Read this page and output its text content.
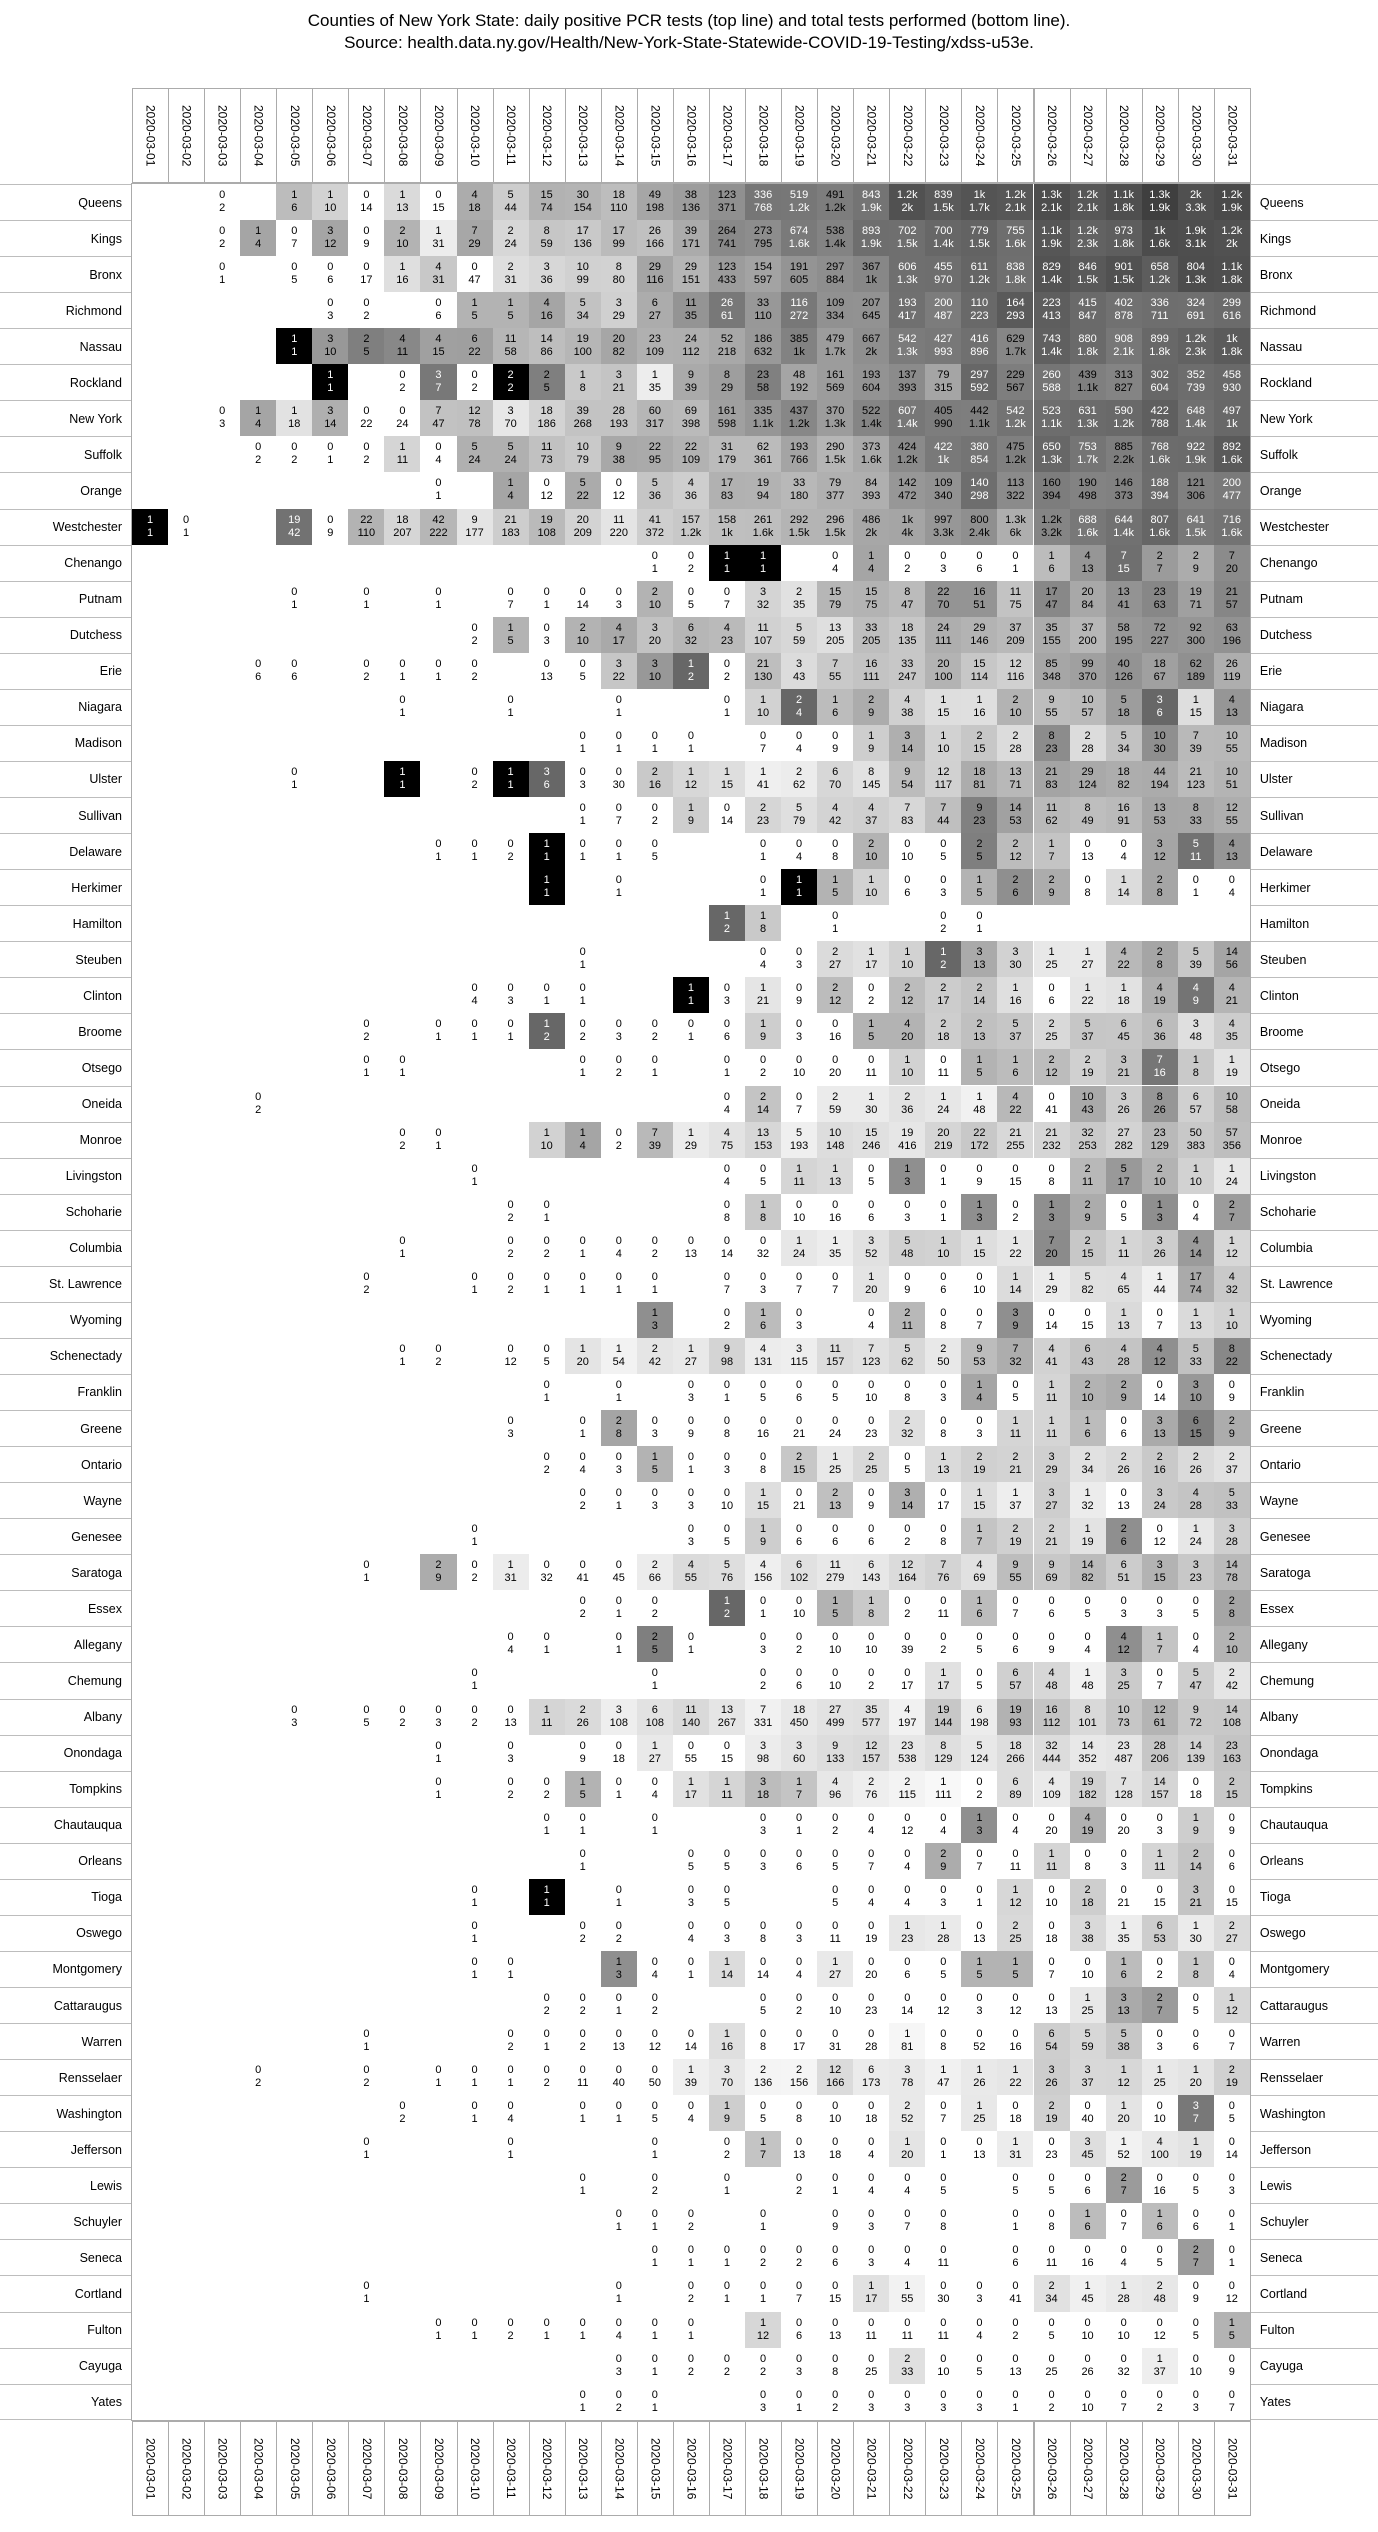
Counties of New York State: daily positive PCR tests (top line) and total tests performed (bottom line).
Source: health.data.ny.gov/Health/New-York-State-Statewide-COVID-19-Testing/xdss-u53e.
2020-03-01 2020-03-02 2020-03-03 2020-03-04 2020-03-05 2020-03-06 2020-03-07 2020-03-08 2020-03-09 2020-03-10 2020-03-11 2020-03-12 2020-03-13 2020-03-14 2020-03-15 2020-03-16 2020-03-17 2020-03-18 2020-03-19 2020-03-20 2020-03-21 2020-03-22 2020-03-23 2020-03-24 2020-03-25 2020-03-26 2020-03-27 2020-03-28 2020-03-29 2020-03-30 2020-03-31
Queens
Kings
Bronx
Richmond
Nassau
Rockland
New York
Suffolk
Orange
Westchester
Chenango
Putnam
Dutchess
Erie
Niagara
Madison
Ulster
Sullivan
Delaware
Herkimer
Hamilton
Steuben
Clinton
Broome
Otsego
Oneida
Monroe
Livingston
Schoharie
Columbia
St. Lawrence
Wyoming
Schenectady
Franklin
Greene
Ontario
Wayne
Genesee
Saratoga
Essex
Allegany
Chemung
Albany
Onondaga
Tompkins
Chautauqua
Orleans
Tioga
Oswego
Montgomery
Cattaraugus
Warren
Rensselaer
Washington
Jefferson
Lewis
Schuyler
Seneca
Cortland
Fulton
Cayuga
Yates
0
2
1
6
1
10
0
14
1
13
0
15
4
18
5
44
15
74
30
154
18
110
49
198
38
136
123
371
336
768
519
1.2k
491
1.2k
843
1.9k
1.2k
2k
839
1.5k
1k
1.7k
1.2k
2.1k
1.3k
2.1k
1.2k
2.1k
1.1k
1.8k
1.3k
1.9k
2k
3.3k
1.2k
1.9k
0
2
1
4
0
7
3
12
0
9
2
10
1
31
7
29
2
24
8
59
17
136
17
99
26
166
39
171
264
741
273
795
674
1.6k
538
1.4k
893
1.9k
702
1.5k
700
1.4k
779
1.5k
755
1.6k
1.1k
1.9k
1.2k
2.3k
973
1.8k
1k
1.6k
1.9k
3.1k
1.2k
2k
0
1
0
5
0
6
0
17
1
16
4
31
0
47
2
31
3
36
10
99
8
80
29
116
29
151
123
433
154
597
191
605
297
884
367
1k
606
1.3k
455
970
611
1.2k
838
1.8k
829
1.4k
846
1.5k
901
1.5k
658
1.2k
804
1.3k
1.1k
1.8k
0
3
0
2
0
6
1
5
1
5
4
16
5
34
3
29
6
27
11
35
26
61
33
110
116
272
109
334
207
645
193
417
200
487
110
223
164
293
223
413
415
847
402
878
336
711
324
691
299
616
1
1
3
10
2
5
4
11
4
15
6
22
11
58
14
86
19
100
20
82
23
109
24
112
52
218
186
632
385
1k
479
1.7k
667
2k
542
1.3k
427
993
416
896
629
1.7k
743
1.4k
880
1.8k
908
2.1k
899
1.8k
1.2k
2.3k
1k
1.8k
1
1
0
2
3
7
0
2
2
2
2
5
1
8
3
21
1
35
9
39
8
29
23
58
48
192
161
569
193
604
137
393
79
315
297
592
229
567
260
588
439
1.1k
313
827
302
604
352
739
458
930
0
3
1
4
1
18
3
14
0
22
0
24
7
47
12
78
3
70
18
186
39
268
28
193
60
317
69
398
161
598
335
1.1k
437
1.2k
370
1.3k
522
1.4k
607
1.4k
405
990
442
1.1k
542
1.2k
523
1.1k
631
1.3k
590
1.2k
422
788
648
1.4k
497
1k
0
2
0
2
0
1
0
2
1
11
0
4
5
24
5
24
11
73
10
79
9
38
22
95
22
109
31
179
62
361
193
766
290
1.5k
373
1.6k
424
1.2k
422
1k
380
854
475
1.2k
650
1.3k
753
1.7k
885
2.2k
768
1.6k
922
1.9k
892
1.6k
0
1
1
4
0
12
5
22
0
12
5
36
4
36
17
83
19
94
33
180
79
377
84
393
142
472
109
340
140
298
113
322
160
394
190
498
146
373
188
394
121
306
200
477
1
1
0
1
19
42
0
9
22
110
18
207
42
222
9
177
21
183
19
108
20
209
11
220
41
372
157
1.2k
158
1k
261
1.6k
292
1.5k
296
1.5k
486
2k
1k
4k
997
3.3k
800
2.4k
1.3k
6k
1.2k
3.2k
688
1.6k
644
1.4k
807
1.6k
641
1.5k
716
1.6k
0
1
0
2
1
1
1
1
0
4
1
4
0
2
0
3
0
6
0
1
1
6
4
13
7
15
2
7
2
9
7
20
0
1
0
1
0
1
0
7
0
1
0
14
0
3
2
10
0
5
0
7
3
32
2
35
15
79
15
75
8
47
22
70
16
51
11
75
17
47
20
84
13
41
23
63
19
71
21
57
0
2
1
5
0
3
2
10
4
17
3
20
6
32
4
23
11
107
5
59
13
205
33
205
18
135
24
111
29
146
37
209
35
155
37
200
58
195
72
227
92
300
63
196
0
6
0
6
0
2
0
1
0
1
0
2
0
13
0
5
3
22
3
10
1
2
0
2
21
130
3
43
7
55
16
111
33
247
20
100
15
114
12
116
85
348
99
370
40
126
18
67
62
189
26
119
0
1
0
1
0
1
0
1
1
10
2
4
1
6
2
9
4
38
1
15
1
16
2
10
9
55
10
57
5
18
3
6
1
15
4
13
0
1
0
1
0
1
0
1
0
7
0
4
0
9
1
9
3
14
1
10
2
15
2
28
8
23
2
28
5
34
10
30
7
39
10
55
0
1
1
1
0
2
1
1
3
6
0
3
0
30
2
16
1
12
1
15
1
41
2
62
6
70
8
145
9
54
12
117
18
81
13
71
21
83
29
124
18
82
44
194
21
123
10
51
0
1
0
7
0
2
1
9
0
14
2
23
5
79
4
42
4
37
7
83
7
44
9
23
14
53
11
62
8
49
16
91
13
53
8
33
12
55
0
1
0
1
0
2
1
1
0
1
0
1
0
5
0
1
0
4
0
8
2
10
0
10
0
5
2
5
2
12
1
7
0
13
0
4
3
12
5
11
4
13
1
1
0
1
0
1
1
1
1
5
1
10
0
6
0
3
1
5
2
6
2
9
0
8
1
14
2
8
0
1
0
4
1
2
1
8
0
1
0
2
0
1
0
1
0
4
0
3
2
27
1
17
1
10
1
2
3
13
3
30
1
25
1
27
4
22
2
8
5
39
14
56
0
4
0
3
0
1
0
1
1
1
0
3
1
21
0
9
2
12
0
2
2
12
2
17
2
14
1
16
0
6
1
22
1
18
4
19
4
9
4
21
0
2
0
1
0
1
0
1
1
2
0
2
0
3
0
2
0
1
0
6
1
9
0
3
0
16
1
5
4
20
2
18
2
13
5
37
2
25
5
37
6
45
6
36
3
48
4
35
0
1
0
1
0
1
0
2
0
1
0
1
0
2
0
10
0
20
0
11
1
10
0
11
1
5
1
6
2
12
2
19
3
21
7
16
1
8
1
19
0
2
0
4
2
14
0
7
2
59
1
30
2
36
1
24
1
48
4
22
0
41
10
43
3
26
8
26
6
57
10
58
0
2
0
1
1
10
1
4
0
2
7
39
1
29
4
75
13
153
5
193
10
148
15
246
19
416
20
219
22
172
21
255
21
232
32
253
27
282
23
129
50
383
57
356
0
1
0
4
0
5
1
11
1
13
0
5
1
3
0
1
0
9
0
15
0
8
2
11
5
17
2
10
1
10
1
24
0
2
0
1
0
8
1
8
0
10
0
16
0
6
0
3
0
1
1
3
0
2
1
3
2
9
0
5
1
3
0
4
2
7
0
1
0
2
0
2
0
1
0
4
0
2
0
13
0
14
0
32
1
24
1
35
3
52
5
48
1
10
1
15
1
22
7
20
2
15
1
11
3
26
4
14
1
12
0
2
0
1
0
2
0
1
0
1
0
1
0
1
0
7
0
3
0
7
0
7
1
20
0
9
0
6
0
10
1
14
1
29
5
82
4
65
1
44
17
74
4
32
1
3
0
2
1
6
0
3
0
4
2
11
0
8
0
7
3
9
0
14
0
15
1
13
0
7
1
13
1
10
0
1
0
2
0
12
0
5
1
20
1
54
2
42
1
27
9
98
4
131
3
115
11
157
7
123
5
62
2
50
9
53
7
32
4
41
6
43
4
28
4
12
5
33
8
22
0
1
0
1
0
3
0
1
0
5
0
6
0
5
0
10
0
8
0
3
1
4
0
5
1
11
2
10
2
9
0
14
3
10
0
9
0
3
0
1
2
8
0
3
0
9
0
8
0
16
0
21
0
24
0
23
2
32
0
8
0
3
1
11
1
11
1
6
0
6
3
13
6
15
2
9
0
2
0
4
0
3
1
5
0
1
0
3
0
8
2
15
1
25
2
25
0
5
1
13
2
19
2
21
3
29
2
34
2
26
2
16
2
26
2
37
0
2
0
1
0
3
0
3
0
10
1
15
0
21
2
13
0
9
3
14
0
17
1
15
1
37
3
27
1
32
0
13
3
24
4
28
5
33
0
1
0
3
0
5
1
9
0
6
0
6
0
6
0
2
0
8
1
7
2
19
2
21
1
19
2
6
0
12
1
24
3
28
0
1
2
9
0
2
1
31
0
32
0
41
0
45
2
66
4
55
5
76
4
156
6
102
11
279
6
143
12
164
7
76
4
69
9
55
9
69
14
82
6
51
3
15
3
23
14
78
0
2
0
1
0
2
1
2
0
1
0
10
1
5
1
8
0
2
0
11
1
6
0
7
0
6
0
5
0
3
0
3
0
5
2
8
0
4
0
1
0
1
2
5
0
1
0
3
0
2
0
10
0
10
0
39
0
2
0
5
0
6
0
9
0
4
4
12
1
7
0
4
2
10
0
1
0
1
0
2
0
6
0
10
0
2
0
17
1
17
0
5
6
57
4
48
1
48
3
25
0
7
5
47
2
42
0
3
0
5
0
2
0
3
0
2
0
13
1
11
2
26
3
108
6
108
11
140
13
267
7
331
18
450
27
499
35
577
4
197
19
144
6
198
19
93
16
112
8
101
10
73
12
61
9
72
14
108
0
1
0
3
0
9
0
18
1
27
0
55
0
15
3
98
3
60
9
133
12
157
23
538
8
129
5
124
18
266
32
444
14
352
23
487
28
206
14
139
23
163
0
1
0
2
0
2
1
5
0
1
0
4
1
17
1
11
3
18
1
7
4
96
2
76
2
115
1
111
0
2
6
89
4
109
19
182
7
128
14
157
0
18
2
15
0
1
0
1
0
1
0
3
0
1
0
2
0
4
0
12
0
4
1
3
0
4
0
20
4
19
0
20
0
3
1
9
0
9
0
1
0
5
0
5
0
3
0
6
0
5
0
7
0
4
2
9
0
7
0
11
1
11
0
8
0
3
1
11
2
14
0
6
0
1
1
1
0
1
0
3
0
5
0
5
0
4
0
4
0
3
0
1
1
12
0
10
2
18
0
21
0
15
3
21
0
15
0
1
0
2
0
2
0
4
0
3
0
8
0
3
0
11
0
19
1
23
1
28
0
13
2
25
0
18
3
38
1
35
6
53
1
30
2
27
0
1
0
1
1
3
0
4
0
1
1
14
0
14
0
4
1
27
0
20
0
6
0
5
1
5
1
5
0
7
0
10
1
6
0
2
1
8
0
4
0
2
0
2
0
1
0
2
0
5
0
2
0
10
0
23
0
14
0
12
0
3
0
12
0
13
1
25
3
13
2
7
0
5
1
12
0
1
0
2
0
1
0
2
0
13
0
12
0
14
1
16
0
8
0
17
0
31
0
28
1
81
0
8
0
52
0
16
6
54
5
59
5
38
0
3
0
6
0
7
0
2
0
2
0
1
0
1
0
1
0
2
0
11
0
40
0
50
1
39
3
70
2
136
2
156
12
166
6
173
3
78
1
47
1
26
1
22
3
26
3
37
1
12
1
25
1
20
2
19
0
2
0
1
0
4
0
1
0
1
0
5
0
4
1
9
0
5
0
8
0
10
0
18
2
52
0
7
1
25
0
18
2
19
0
40
1
20
0
10
3
7
0
5
0
1
0
1
0
1
0
2
1
7
0
13
0
18
0
4
1
20
0
1
0
13
1
31
0
23
3
45
1
52
4
100
1
19
0
14
0
1
0
2
0
1
0
2
0
1
0
4
0
4
0
5
0
5
0
5
0
6
2
7
0
16
0
5
0
3
0
1
0
1
0
2
0
1
0
9
0
3
0
7
0
8
0
1
0
8
1
6
0
7
1
6
0
6
0
1
0
1
0
1
0
1
0
2
0
2
0
6
0
3
0
4
0
11
0
6
0
11
0
16
0
4
0
5
2
7
0
1
0
1
0
1
0
2
0
1
0
1
0
7
0
15
1
17
1
55
0
30
0
3
0
41
2
34
1
45
1
28
2
48
0
9
0
12
0
1
0
1
0
2
0
1
0
1
0
4
0
1
0
1
1
12
0
6
0
13
0
11
0
11
0
11
0
4
0
2
0
5
0
10
0
10
0
12
0
5
1
5
0
3
0
1
0
2
0
2
0
2
0
3
0
8
0
25
2
33
0
10
0
5
0
13
0
25
0
26
0
32
1
37
0
10
0
9
0
1
0
2
0
1
0
3
0
1
0
2
0
3
0
3
0
3
0
3
0
1
0
2
0
10
0
7
0
2
0
3
0
7
Queens
Kings
Bronx
Richmond
Nassau
Rockland
New York
Suffolk
Orange
Westchester
Chenango
Putnam
Dutchess
Erie
Niagara
Madison
Ulster
Sullivan
Delaware
Herkimer
Hamilton
Steuben
Clinton
Broome
Otsego
Oneida
Monroe
Livingston
Schoharie
Columbia
St. Lawrence
Wyoming
Schenectady
Franklin
Greene
Ontario
Wayne
Genesee
Saratoga
Essex
Allegany
Chemung
Albany
Onondaga
Tompkins
Chautauqua
Orleans
Tioga
Oswego
Montgomery
Cattaraugus
Warren
Rensselaer
Washington
Jefferson
Lewis
Schuyler
Seneca
Cortland
Fulton
Cayuga
Yates
2020-03-01 2020-03-02 2020-03-03 2020-03-04 2020-03-05 2020-03-06 2020-03-07 2020-03-08 2020-03-09 2020-03-10 2020-03-11 2020-03-12 2020-03-13 2020-03-14 2020-03-15 2020-03-16 2020-03-17 2020-03-18 2020-03-19 2020-03-20 2020-03-21 2020-03-22 2020-03-23 2020-03-24 2020-03-25 2020-03-26 2020-03-27 2020-03-28 2020-03-29 2020-03-30 2020-03-31
